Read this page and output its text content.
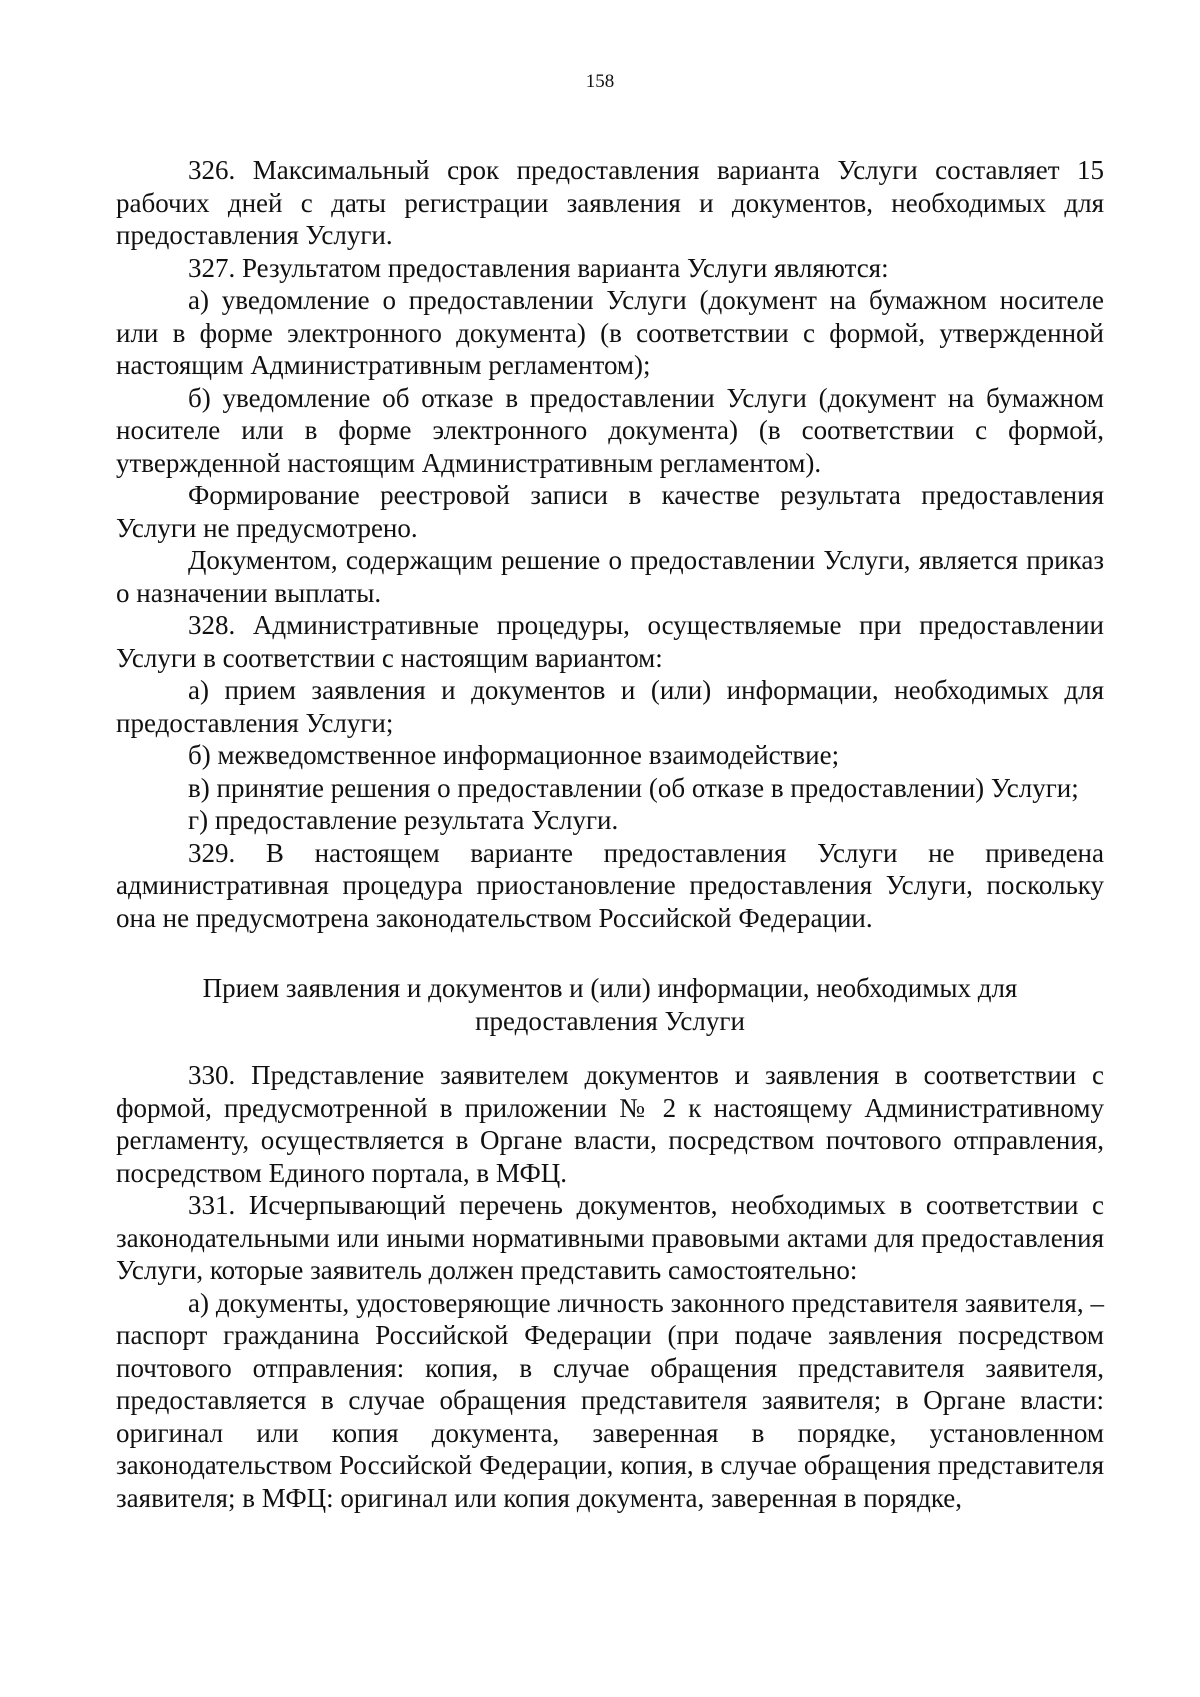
158

326. Максимальный срок предоставления варианта Услуги составляет 15 рабочих дней с даты регистрации заявления и документов, необходимых для предоставления Услуги.

327. Результатом предоставления варианта Услуги являются:

а) уведомление о предоставлении Услуги (документ на бумажном носителе или в форме электронного документа) (в соответствии с формой, утвержденной настоящим Административным регламентом);

б) уведомление об отказе в предоставлении Услуги (документ на бумажном носителе или в форме электронного документа) (в соответствии с формой, утвержденной настоящим Административным регламентом).

Формирование реестровой записи в качестве результата предоставления Услуги не предусмотрено.

Документом, содержащим решение о предоставлении Услуги, является приказ о назначении выплаты.

328. Административные процедуры, осуществляемые при предоставлении Услуги в соответствии с настоящим вариантом:

а) прием заявления и документов и (или) информации, необходимых для предоставления Услуги;

б) межведомственное информационное взаимодействие;

в) принятие решения о предоставлении (об отказе в предоставлении) Услуги;

г) предоставление результата Услуги.

329. В настоящем варианте предоставления Услуги не приведена административная процедура приостановление предоставления Услуги, поскольку она не предусмотрена законодательством Российской Федерации.

Прием заявления и документов и (или) информации, необходимых для предоставления Услуги

330. Представление заявителем документов и заявления в соответствии с формой, предусмотренной в приложении № 2 к настоящему Административному регламенту, осуществляется в Органе власти, посредством почтового отправления, посредством Единого портала, в МФЦ.

331. Исчерпывающий перечень документов, необходимых в соответствии с законодательными или иными нормативными правовыми актами для предоставления Услуги, которые заявитель должен представить самостоятельно:

а) документы, удостоверяющие личность законного представителя заявителя, – паспорт гражданина Российской Федерации (при подаче заявления посредством почтового отправления: копия, в случае обращения представителя заявителя, предоставляется в случае обращения представителя заявителя; в Органе власти: оригинал или копия документа, заверенная в порядке, установленном законодательством Российской Федерации, копия, в случае обращения представителя заявителя; в МФЦ: оригинал или копия документа, заверенная в порядке,
